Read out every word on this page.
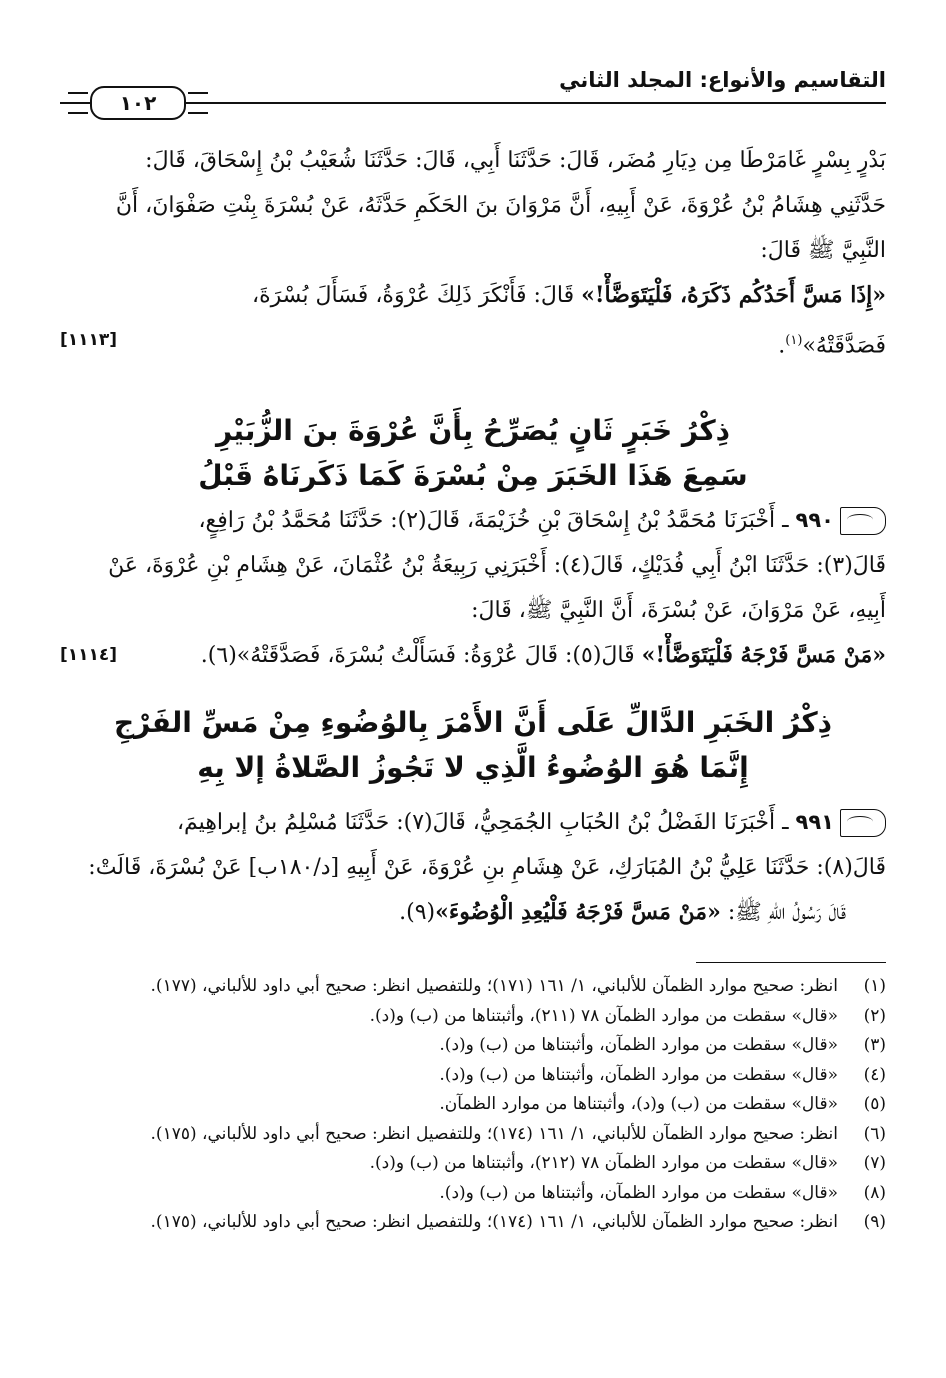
التقاسيم والأنواع: المجلد الثاني
١٠٢
بَدْرٍ بِسْرٍ غَامَرْطَا مِن دِيَارِ مُضَر، قَالَ: حَدَّثَنَا أَبِي، قَالَ: حَدَّثَنَا شُعَيْبُ بْنُ إِسْحَاقَ، قَالَ:
حَدَّثَنِي هِشَامُ بْنُ عُرْوَةَ، عَنْ أَبِيهِ، أَنَّ مَرْوَانَ بنَ الحَكَمِ حَدَّثَهُ، عَنْ بُسْرَةَ بِنْتِ صَفْوَانَ، أَنَّ
النَّبِيَّ ﷺ قَالَ:
«إِذَا مَسَّ أَحَدُكُم ذَكَرَهُ، فَلْيَتَوَضَّأْ!» قَالَ: فَأَنْكَرَ ذَلِكَ عُرْوَةُ، فَسَأَلَ بُسْرَةَ،
فَصَدَّقَتْهُ»$^{(١)}$.
[١١١٣]
ذِكْرُ خَبَرٍ ثَانٍ يُصَرِّحُ بِأَنَّ عُرْوَةَ بنَ الزُّبَيْرِ
سَمِعَ هَذَا الخَبَرَ مِنْ بُسْرَةَ كَمَا ذَكَرنَاهُ قَبْلُ
٩٩٠ ـ أَخْبَرَنَا مُحَمَّدُ بْنُ إِسْحَاقَ بْنِ خُزَيْمَةَ، قَالَ(٢): حَدَّثَنَا مُحَمَّدُ بْنُ رَافِعٍ،
قَالَ(٣): حَدَّثَنَا ابْنُ أَبِي فُدَيْكٍ، قَالَ(٤): أَخْبَرَنِي رَبِيعَةُ بْنُ عُثْمَانَ، عَنْ هِشَامِ بْنِ عُرْوَةَ، عَنْ
أَبِيهِ، عَنْ مَرْوَانَ، عَنْ بُسْرَةَ، أَنَّ النَّبِيَّ ﷺ، قَالَ:
«مَنْ مَسَّ فَرْجَهُ فَلْيَتَوَضَّأْ!» قَالَ(٥): قَالَ عُرْوَةُ: فَسَأَلْتُ بُسْرَةَ، فَصَدَّقَتْهُ»(٦).
[١١١٤]
ذِكْرُ الخَبَرِ الدَّالِّ عَلَى أَنَّ الأَمْرَ بِالوُضُوءِ مِنْ مَسِّ الفَرْجِ
إِنَّمَا هُوَ الوُضُوءُ الَّذِي لا تَجُوزُ الصَّلاةُ إلا بِهِ
٩٩١ ـ أَخْبَرَنَا الفَضْلُ بْنُ الحُبَابِ الجُمَحِيُّ، قَالَ(٧): حَدَّثَنَا مُسْلِمُ بنُ إبراهِيمَ،
قَالَ(٨): حَدَّثَنَا عَلِيُّ بْنُ المُبَارَكِ، عَنْ هِشَامِ بنِ عُرْوَةَ، عَنْ أَبِيهِ [د/١٨٠ب] عَنْ بُسْرَةَ، قَالَتْ:
قَالَ رَسُولُ اللهِ ﷺ: «مَنْ مَسَّ فَرْجَهُ فَلْيُعِدِ الْوُضُوءَ»(٩).
(١)
انظر: صحيح موارد الظمآن للألباني، ١/ ١٦١ (١٧١)؛ وللتفصيل انظر: صحيح أبي داود للألباني، (١٧٧).
(٢)
«قال» سقطت من موارد الظمآن ٧٨ (٢١١)، وأثبتناها من (ب) و(د).
(٣)
«قال» سقطت من موارد الظمآن، وأثبتناها من (ب) و(د).
(٤)
«قال» سقطت من موارد الظمآن، وأثبتناها من (ب) و(د).
(٥)
«قال» سقطت من (ب) و(د)، وأثبتناها من موارد الظمآن.
(٦)
انظر: صحيح موارد الظمآن للألباني، ١/ ١٦١ (١٧٤)؛ وللتفصيل انظر: صحيح أبي داود للألباني، (١٧٥).
(٧)
«قال» سقطت من موارد الظمآن ٧٨ (٢١٢)، وأثبتناها من (ب) و(د).
(٨)
«قال» سقطت من موارد الظمآن، وأثبتناها من (ب) و(د).
(٩)
انظر: صحيح موارد الظمآن للألباني، ١/ ١٦١ (١٧٤)؛ وللتفصيل انظر: صحيح أبي داود للألباني، (١٧٥).
